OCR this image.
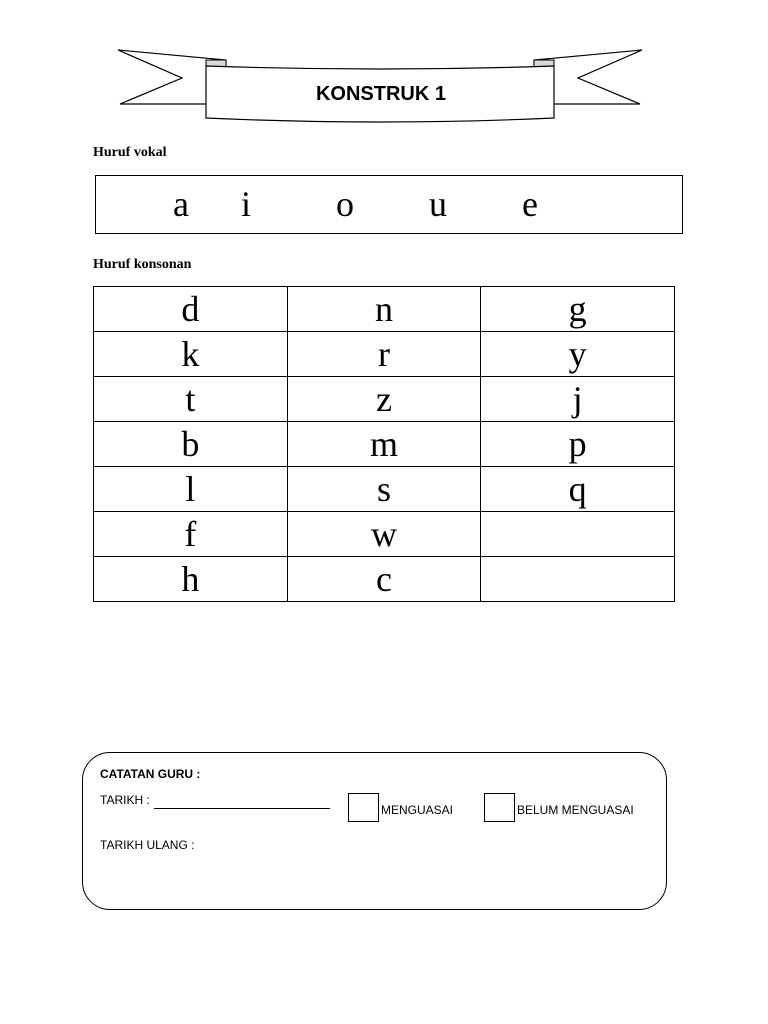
KONSTRUK 1
Huruf vokal
a i o u e
Huruf konsonan
d	n	g
k	r	y
t	z	j
b	m	p
l	s	q
f	w	
h	c	
CATATAN GURU :
TARIKH :
MENGUASAI	BELUM MENGUASAI
TARIKH ULANG :
